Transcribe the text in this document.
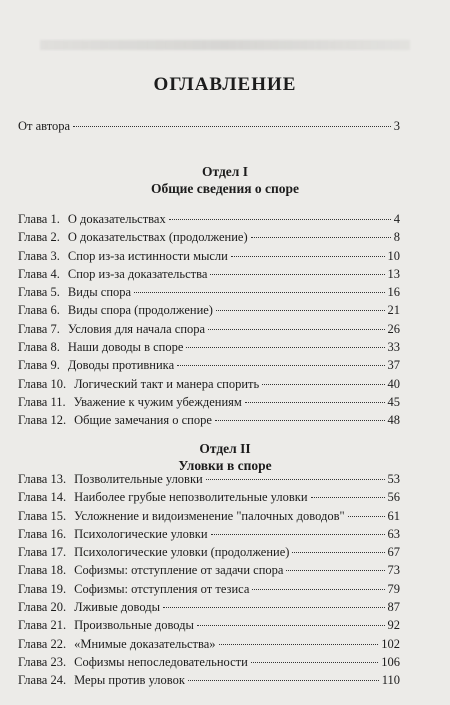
ОГЛАВЛЕНИЕ
От автора	3
Отдел I
Общие сведения о споре
Глава 1. О доказательствах	4
Глава 2. О доказательствах (продолжение)	8
Глава 3. Спор из-за истинности мысли	10
Глава 4. Спор из-за доказательства	13
Глава 5. Виды спора	16
Глава 6. Виды спора (продолжение)	21
Глава 7. Условия для начала спора	26
Глава 8. Наши доводы в споре	33
Глава 9. Доводы противника	37
Глава 10. Логический такт и манера спорить	40
Глава 11. Уважение к чужим убеждениям	45
Глава 12. Общие замечания о споре	48
Отдел II
Уловки в споре
Глава 13. Позволительные уловки	53
Глава 14. Наиболее грубые непозволительные уловки	56
Глава 15. Усложнение и видоизменение "палочных доводов"	61
Глава 16. Психологические уловки	63
Глава 17. Психологические уловки (продолжение)	67
Глава 18. Софизмы: отступление от задачи спора	73
Глава 19. Софизмы: отступления от тезиса	79
Глава 20. Лживые доводы	87
Глава 21. Произвольные доводы	92
Глава 22. «Мнимые доказательства»	102
Глава 23. Софизмы непоследовательности	106
Глава 24. Меры против уловок	110
